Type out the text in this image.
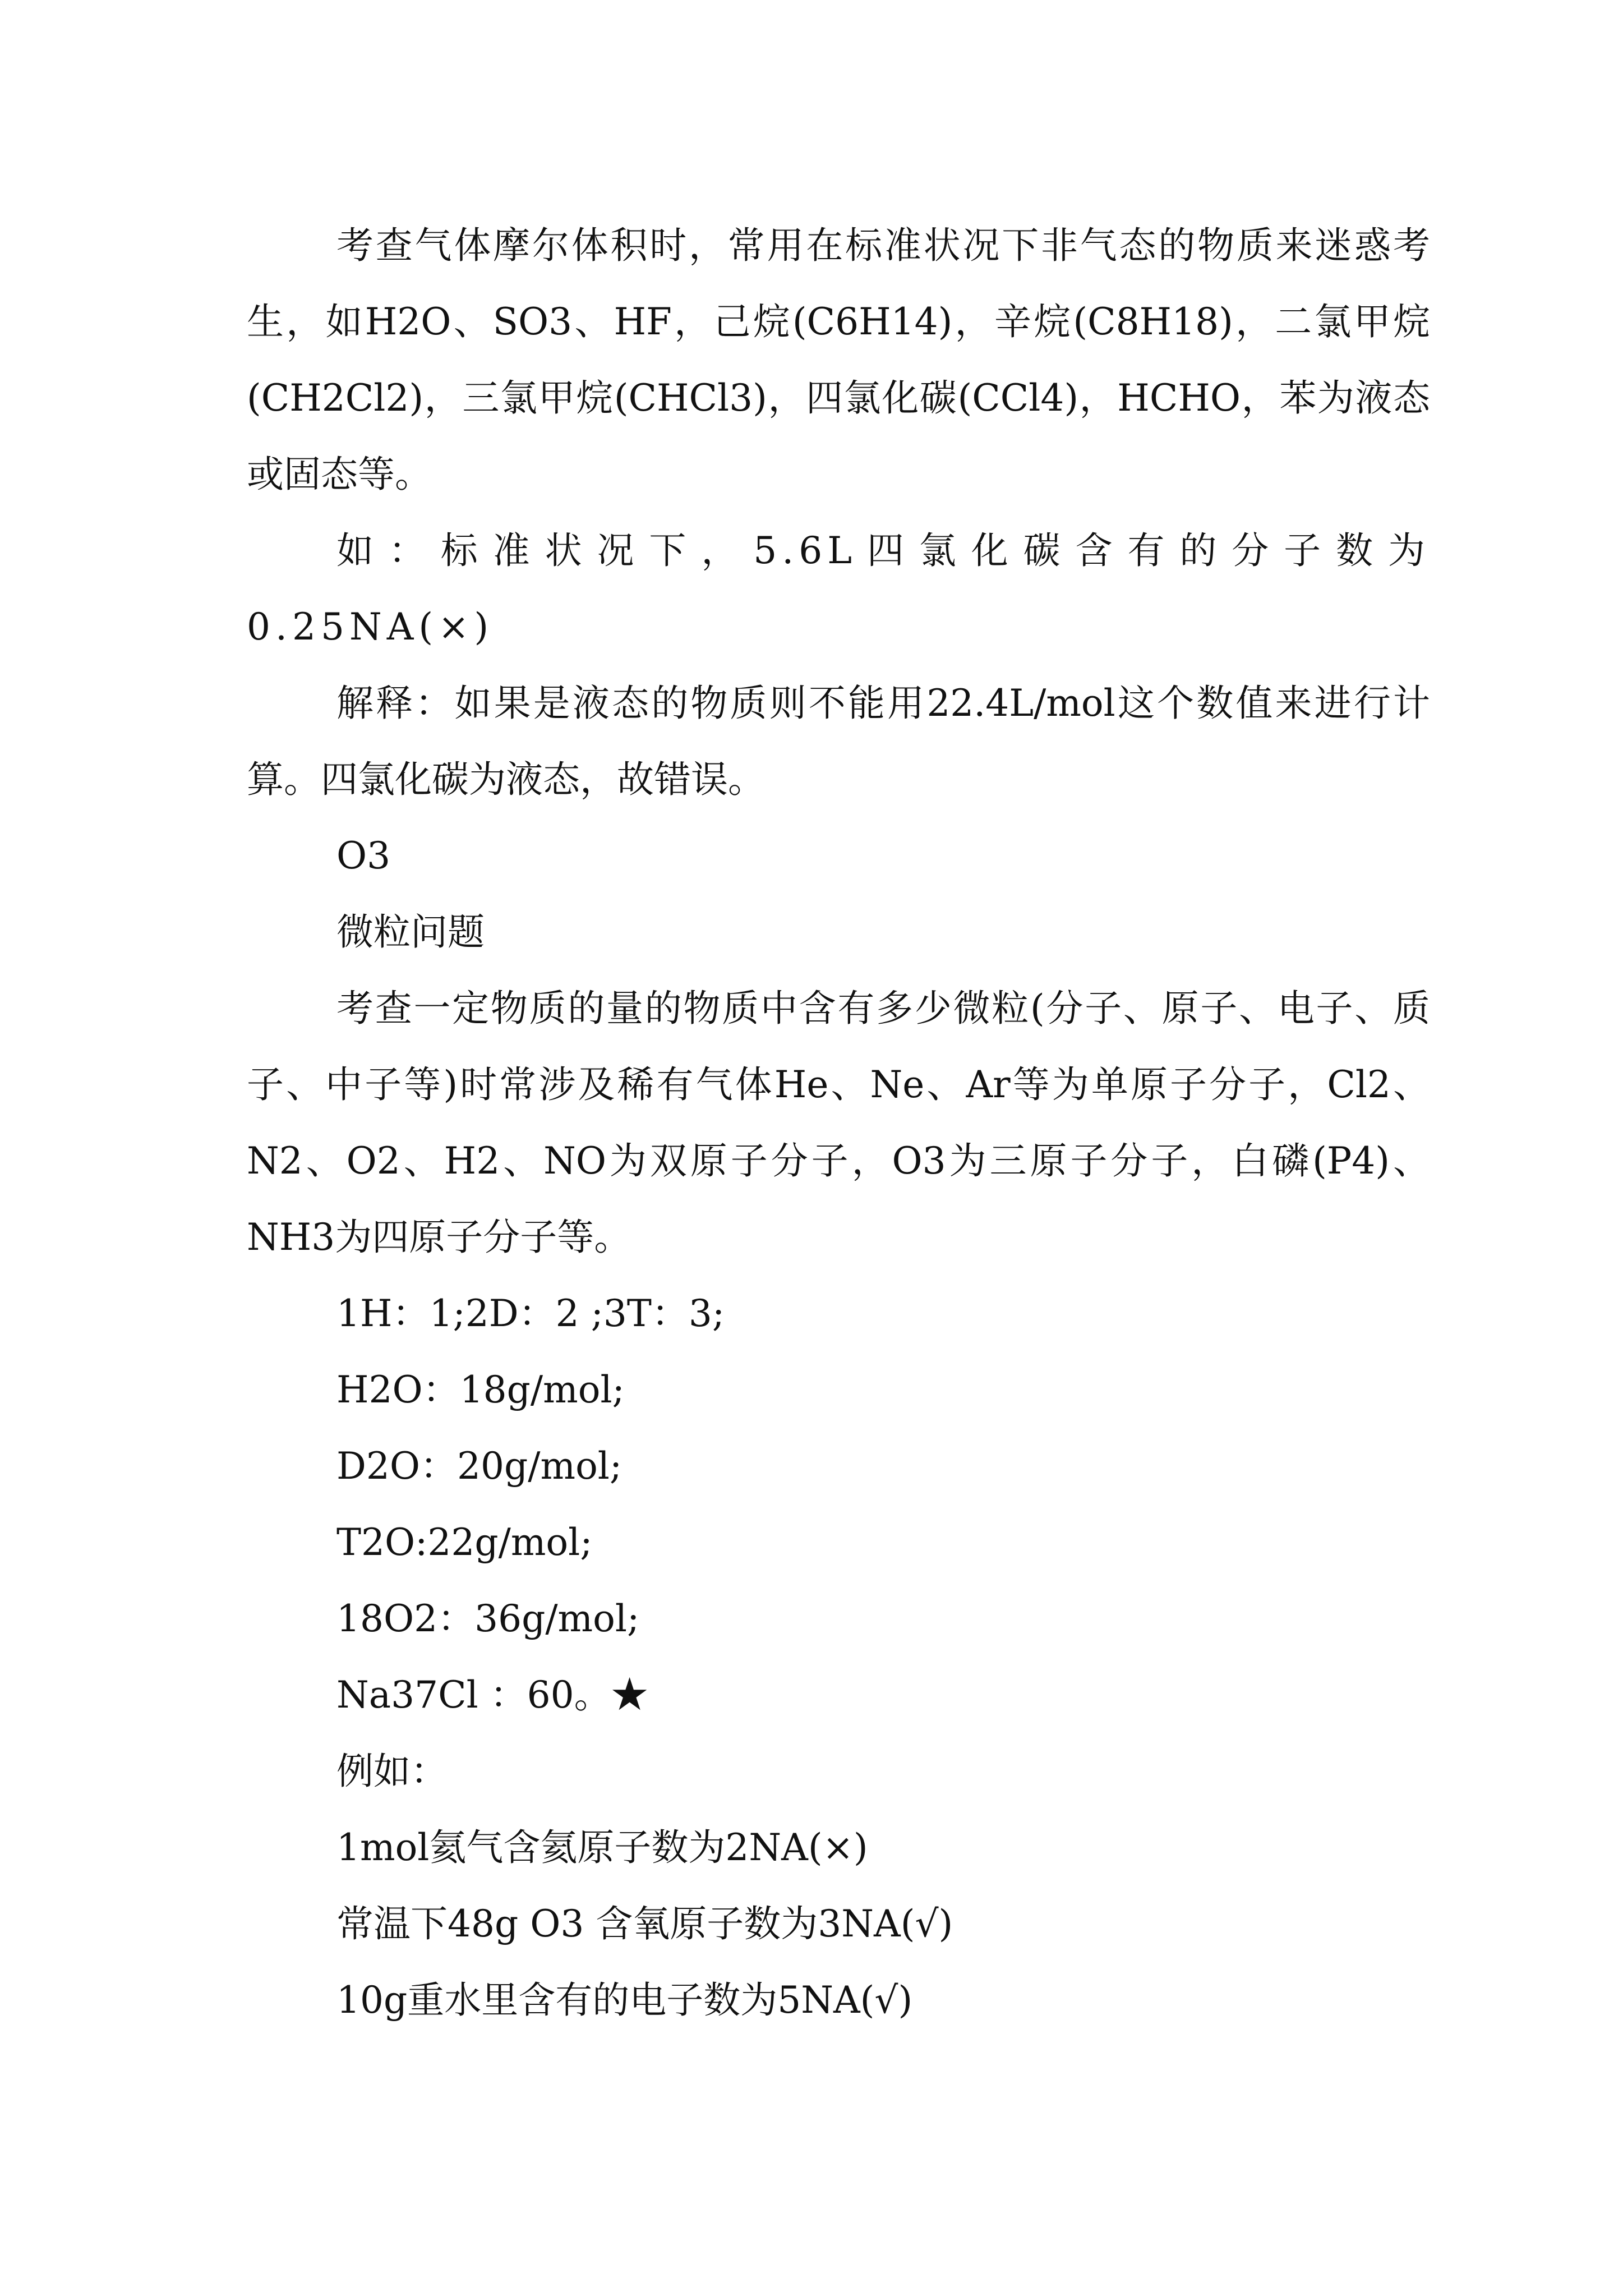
考查气体摩尔体积时，常用在标准状况下非气态的物质来迷惑考生，如H2O、SO3、HF，己烷(C6H14)，辛烷(C8H18)，二氯甲烷(CH2Cl2)，三氯甲烷(CHCl3)，四氯化碳(CCl4)，HCHO，苯为液态或固态等。

如：标准状况下，5.6L四氯化碳含有的分子数为0.25NA(×)

解释：如果是液态的物质则不能用22.4L/mol这个数值来进行计算。四氯化碳为液态，故错误。

O3

微粒问题

考查一定物质的量的物质中含有多少微粒(分子、原子、电子、质子、中子等)时常涉及稀有气体He、Ne、Ar等为单原子分子，Cl2、N2、O2、H2、NO为双原子分子，O3为三原子分子，白磷(P4)、NH3为四原子分子等。

1H：1;2D：2 ;3T：3;

H2O：18g/mol;

D2O：20g/mol;

T2O:22g/mol;

18O2：36g/mol;

Na37Cl ：60。★

例如：

1mol氦气含氦原子数为2NA(×)

常温下48g O3 含氧原子数为3NA(√)

10g重水里含有的电子数为5NA(√)
